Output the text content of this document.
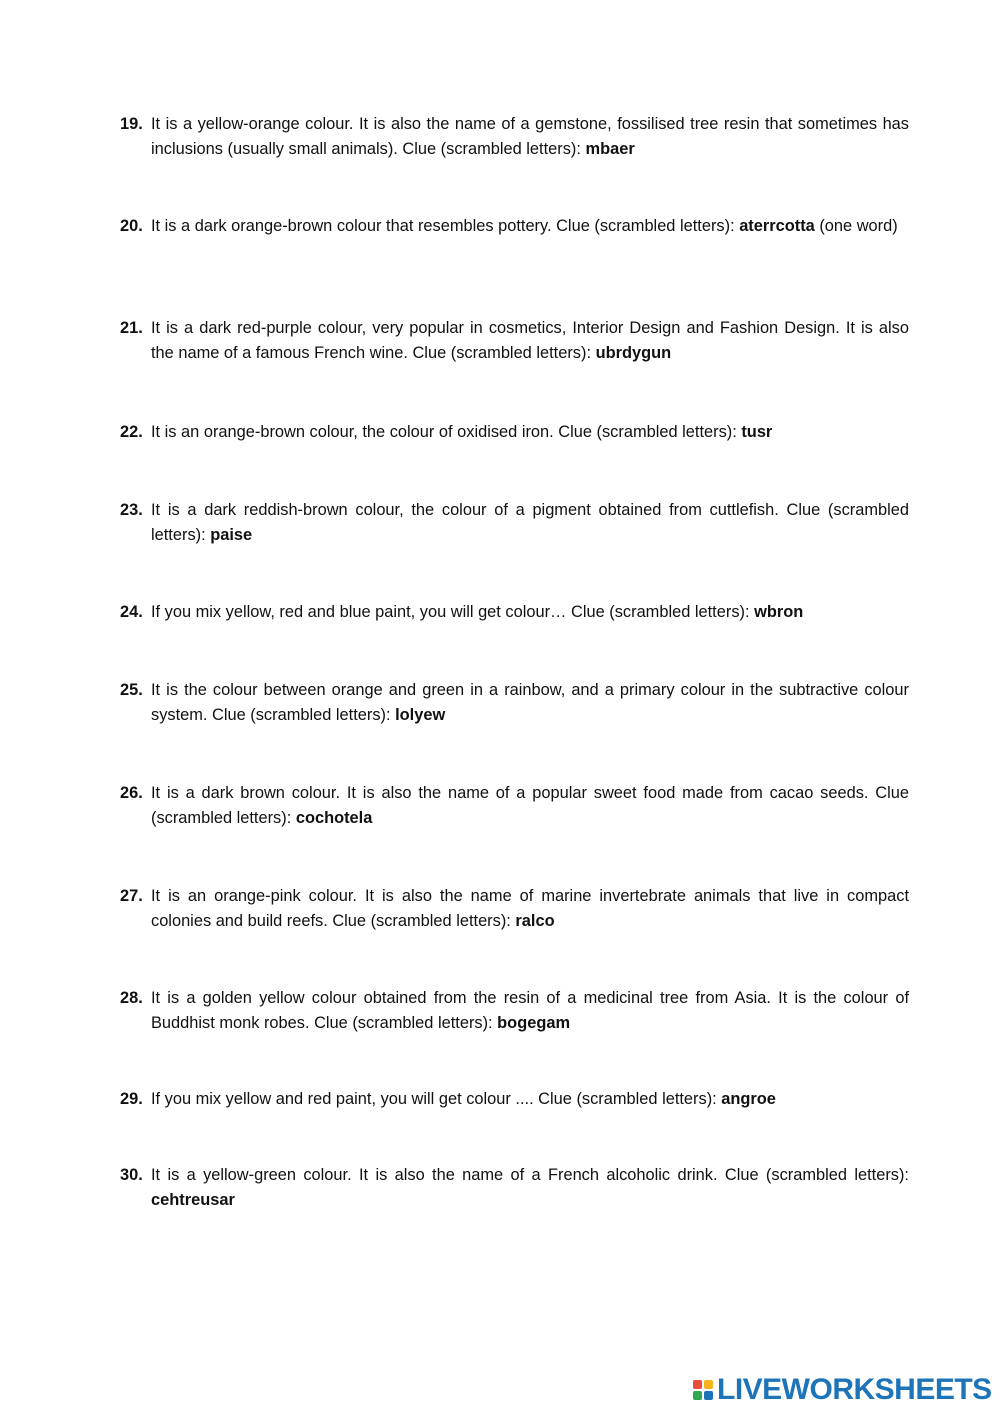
19. It is a yellow-orange colour. It is also the name of a gemstone, fossilised tree resin that sometimes has inclusions (usually small animals). Clue (scrambled letters): mbaer
20. It is a dark orange-brown colour that resembles pottery. Clue (scrambled letters): aterrcotta (one word)
21. It is a dark red-purple colour, very popular in cosmetics, Interior Design and Fashion Design. It is also the name of a famous French wine. Clue (scrambled letters): ubrdygun
22. It is an orange-brown colour, the colour of oxidised iron. Clue (scrambled letters): tusr
23. It is a dark reddish-brown colour, the colour of a pigment obtained from cuttlefish. Clue (scrambled letters): paise
24. If you mix yellow, red and blue paint, you will get colour… Clue (scrambled letters): wbron
25. It is the colour between orange and green in a rainbow, and a primary colour in the subtractive colour system. Clue (scrambled letters): lolyew
26. It is a dark brown colour. It is also the name of a popular sweet food made from cacao seeds. Clue (scrambled letters): cochotela
27. It is an orange-pink colour. It is also the name of marine invertebrate animals that live in compact colonies and build reefs. Clue (scrambled letters): ralco
28. It is a golden yellow colour obtained from the resin of a medicinal tree from Asia. It is the colour of Buddhist monk robes. Clue (scrambled letters): bogegam
29. If you mix yellow and red paint, you will get colour .... Clue (scrambled letters): angroe
30. It is a yellow-green colour. It is also the name of a French alcoholic drink. Clue (scrambled letters): cehtreusar
LIVEWORKSHEETS
